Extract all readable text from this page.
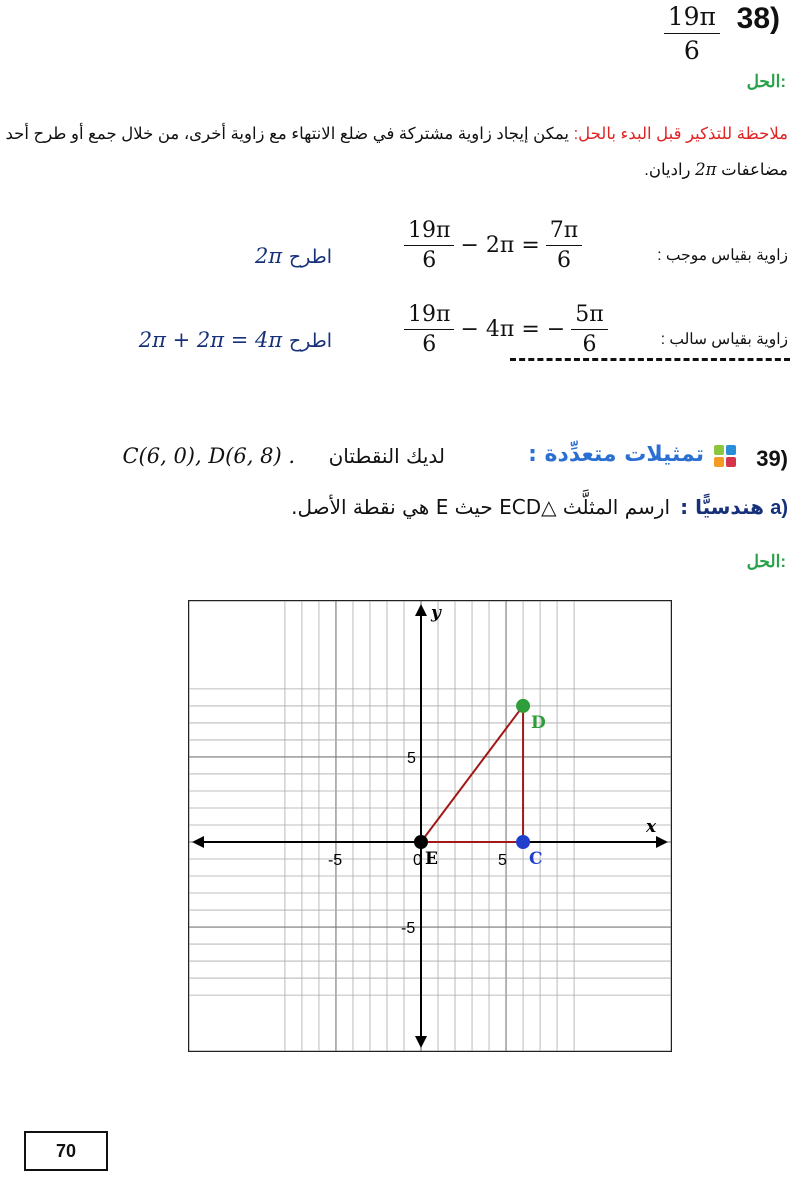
38)
$\frac{19\pi}{6}$
الحل:
ملاحظة للتذكير قبل البدء بالحل: يمكن إيجاد زاوية مشتركة في ضلع الانتهاء مع زاوية أخرى، من خلال جمع أو طرح أحد مضاعفات 2π راديان.
زاوية بقياس موجب :
$\frac{19\pi}{6} - 2\pi = \frac{7\pi}{6}$
اطرح 2π
زاوية بقياس سالب :
$\frac{19\pi}{6} - 4\pi$ = − $\frac{5\pi}{6}$
اطرح 2π + 2π = 4π
39)
تمثيلات متعدِّدة :
لديك النقطتان
C(6, 0), D(6, 8) .
a)
هندسيًّا :
ارسم المثلَّث △ECD حيث E هي نقطة الأصل.
الحل:
x
y
-5	0	5
5
-5
E	C
D
70
